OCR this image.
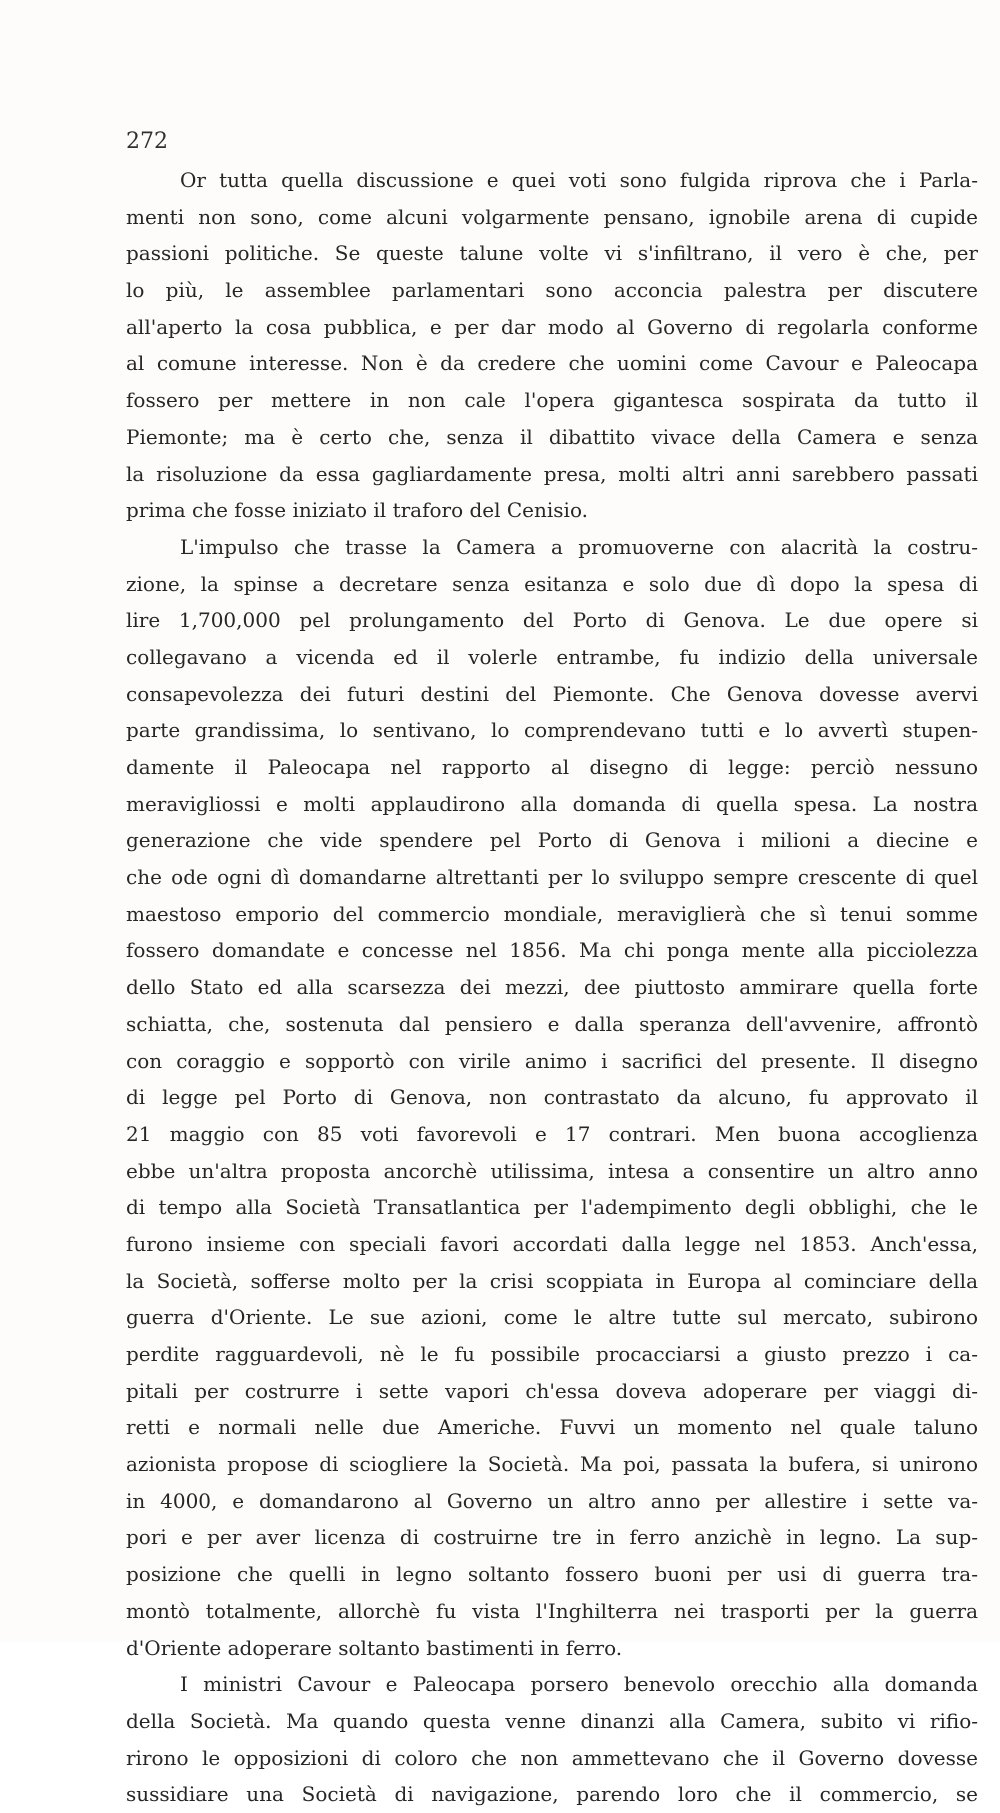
272
Or tutta quella discussione e quei voti sono fulgida riprova che i Parla-
menti non sono, come alcuni volgarmente pensano, ignobile arena di cupide
passioni politiche. Se queste talune volte vi s'infiltrano, il vero è che, per
lo più, le assemblee parlamentari sono acconcia palestra per discutere
all'aperto la cosa pubblica, e per dar modo al Governo di regolarla conforme
al comune interesse. Non è da credere che uomini come Cavour e Paleocapa
fossero per mettere in non cale l'opera gigantesca sospirata da tutto il
Piemonte; ma è certo che, senza il dibattito vivace della Camera e senza
la risoluzione da essa gagliardamente presa, molti altri anni sarebbero passati
prima che fosse iniziato il traforo del Cenisio.
L'impulso che trasse la Camera a promuoverne con alacrità la costru-
zione, la spinse a decretare senza esitanza e solo due dì dopo la spesa di
lire 1,700,000 pel prolungamento del Porto di Genova. Le due opere si
collegavano a vicenda ed il volerle entrambe, fu indizio della universale
consapevolezza dei futuri destini del Piemonte. Che Genova dovesse avervi
parte grandissima, lo sentivano, lo comprendevano tutti e lo avvertì stupen-
damente il Paleocapa nel rapporto al disegno di legge: perciò nessuno
meravigliossi e molti applaudirono alla domanda di quella spesa. La nostra
generazione che vide spendere pel Porto di Genova i milioni a diecine e
che ode ogni dì domandarne altrettanti per lo sviluppo sempre crescente di quel
maestoso emporio del commercio mondiale, meraviglierà che sì tenui somme
fossero domandate e concesse nel 1856. Ma chi ponga mente alla picciolezza
dello Stato ed alla scarsezza dei mezzi, dee piuttosto ammirare quella forte
schiatta, che, sostenuta dal pensiero e dalla speranza dell'avvenire, affrontò
con coraggio e sopportò con virile animo i sacrifici del presente. Il disegno
di legge pel Porto di Genova, non contrastato da alcuno, fu approvato il
21 maggio con 85 voti favorevoli e 17 contrari. Men buona accoglienza
ebbe un'altra proposta ancorchè utilissima, intesa a consentire un altro anno
di tempo alla Società Transatlantica per l'adempimento degli obblighi, che le
furono insieme con speciali favori accordati dalla legge nel 1853. Anch'essa,
la Società, sofferse molto per la crisi scoppiata in Europa al cominciare della
guerra d'Oriente. Le sue azioni, come le altre tutte sul mercato, subirono
perdite ragguardevoli, nè le fu possibile procacciarsi a giusto prezzo i ca-
pitali per costrurre i sette vapori ch'essa doveva adoperare per viaggi di-
retti e normali nelle due Americhe. Fuvvi un momento nel quale taluno
azionista propose di sciogliere la Società. Ma poi, passata la bufera, si unirono
in 4000, e domandarono al Governo un altro anno per allestire i sette va-
pori e per aver licenza di costruirne tre in ferro anzichè in legno. La sup-
posizione che quelli in legno soltanto fossero buoni per usi di guerra tra-
montò totalmente, allorchè fu vista l'Inghilterra nei trasporti per la guerra
d'Oriente adoperare soltanto bastimenti in ferro.
I ministri Cavour e Paleocapa porsero benevolo orecchio alla domanda
della Società. Ma quando questa venne dinanzi alla Camera, subito vi rifio-
rirono le opposizioni di coloro che non ammettevano che il Governo dovesse
sussidiare una Società di navigazione, parendo loro che il commercio, se
